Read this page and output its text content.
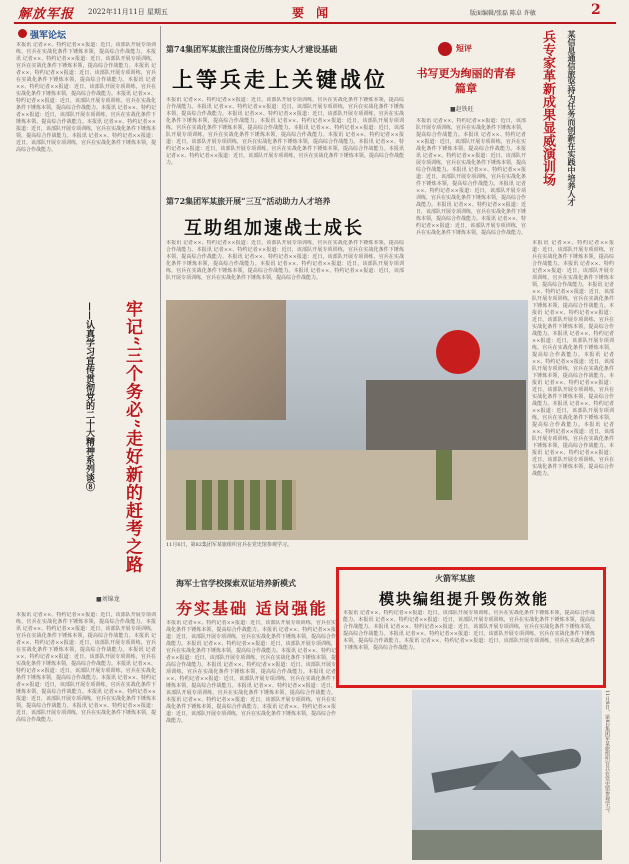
解放军报 2022年11月11日 星期五	要 闻	版面编辑/张磊 陈卓 许敏	2
强军论坛
本报讯 记者××、特约记者××报道：近日，该部队开展专项训练，官兵在实战化条件下锤炼本领，提高综合作战能力。本报讯 记者××、特约记者××报道：近日，该部队开展专项训练，官兵在实战化条件下锤炼本领，提高综合作战能力。本报讯 记者××、特约记者××报道：近日，该部队开展专项训练，官兵在实战化条件下锤炼本领，提高综合作战能力。本报讯 记者××、特约记者××报道：近日，该部队开展专项训练，官兵在实战化条件下锤炼本领，提高综合作战能力。本报讯 记者××、特约记者××报道：近日，该部队开展专项训练，官兵在实战化条件下锤炼本领，提高综合作战能力。本报讯 记者××、特约记者××报道：近日，该部队开展专项训练，官兵在实战化条件下锤炼本领，提高综合作战能力。本报讯 记者××、特约记者××报道：近日，该部队开展专项训练，官兵在实战化条件下锤炼本领，提高综合作战能力。本报讯 记者××、特约记者××报道：近日，该部队开展专项训练，官兵在实战化条件下锤炼本领，提高综合作战能力。
牢记“三个务必”走好新的赶考之路
——认真学习宣传贯彻党的二十大精神系列谈⑧
■刘锦龙
本报讯 记者××、特约记者××报道：近日，该部队开展专项训练，官兵在实战化条件下锤炼本领，提高综合作战能力。本报讯 记者××、特约记者××报道：近日，该部队开展专项训练，官兵在实战化条件下锤炼本领，提高综合作战能力。本报讯 记者××、特约记者××报道：近日，该部队开展专项训练，官兵在实战化条件下锤炼本领，提高综合作战能力。本报讯 记者××、特约记者××报道：近日，该部队开展专项训练，官兵在实战化条件下锤炼本领，提高综合作战能力。本报讯 记者××、特约记者××报道：近日，该部队开展专项训练，官兵在实战化条件下锤炼本领，提高综合作战能力。本报讯 记者××、特约记者××报道：近日，该部队开展专项训练，官兵在实战化条件下锤炼本领，提高综合作战能力。本报讯 记者××、特约记者××报道：近日，该部队开展专项训练，官兵在实战化条件下锤炼本领，提高综合作战能力。本报讯 记者××、特约记者××报道：近日，该部队开展专项训练，官兵在实战化条件下锤炼本领，提高综合作战能力。
第74集团军某旅注重岗位历练夯实人才建设基础
上等兵走上关键战位
本报讯 记者××、特约记者××报道：近日，该部队开展专项训练，官兵在实战化条件下锤炼本领，提高综合作战能力。本报讯 记者××、特约记者××报道：近日，该部队开展专项训练，官兵在实战化条件下锤炼本领，提高综合作战能力。本报讯 记者××、特约记者××报道：近日，该部队开展专项训练，官兵在实战化条件下锤炼本领，提高综合作战能力。本报讯 记者××、特约记者××报道：近日，该部队开展专项训练，官兵在实战化条件下锤炼本领，提高综合作战能力。本报讯 记者××、特约记者××报道：近日，该部队开展专项训练，官兵在实战化条件下锤炼本领，提高综合作战能力。本报讯 记者××、特约记者××报道：近日，该部队开展专项训练，官兵在实战化条件下锤炼本领，提高综合作战能力。本报讯 记者××、特约记者××报道：近日，该部队开展专项训练，官兵在实战化条件下锤炼本领，提高综合作战能力。本报讯 记者××、特约记者××报道：近日，该部队开展专项训练，官兵在实战化条件下锤炼本领，提高综合作战能力。
短评
书写更为绚丽的青春篇章
■赵铁旺
本报讯 记者××、特约记者××报道：近日，该部队开展专项训练，官兵在实战化条件下锤炼本领，提高综合作战能力。本报讯 记者××、特约记者××报道：近日，该部队开展专项训练，官兵在实战化条件下锤炼本领，提高综合作战能力。本报讯 记者××、特约记者××报道：近日，该部队开展专项训练，官兵在实战化条件下锤炼本领，提高综合作战能力。本报讯 记者××、特约记者××报道：近日，该部队开展专项训练，官兵在实战化条件下锤炼本领，提高综合作战能力。本报讯 记者××、特约记者××报道：近日，该部队开展专项训练，官兵在实战化条件下锤炼本领，提高综合作战能力。本报讯 记者××、特约记者××报道：近日，该部队开展专项训练，官兵在实战化条件下锤炼本领，提高综合作战能力。本报讯 记者××、特约记者××报道：近日，该部队开展专项训练，官兵在实战化条件下锤炼本领，提高综合作战能力。
某信息通信旅坚持为任务而创新在实践中培养人才
兵专家革新成果显威演训场
本报讯 记者××、特约记者××报道：近日，该部队开展专项训练，官兵在实战化条件下锤炼本领，提高综合作战能力。本报讯 记者××、特约记者××报道：近日，该部队开展专项训练，官兵在实战化条件下锤炼本领，提高综合作战能力。本报讯 记者××、特约记者××报道：近日，该部队开展专项训练，官兵在实战化条件下锤炼本领，提高综合作战能力。本报讯 记者××、特约记者××报道：近日，该部队开展专项训练，官兵在实战化条件下锤炼本领，提高综合作战能力。本报讯 记者××、特约记者××报道：近日，该部队开展专项训练，官兵在实战化条件下锤炼本领，提高综合作战能力。本报讯 记者××、特约记者××报道：近日，该部队开展专项训练，官兵在实战化条件下锤炼本领，提高综合作战能力。本报讯 记者××、特约记者××报道：近日，该部队开展专项训练，官兵在实战化条件下锤炼本领，提高综合作战能力。本报讯 记者××、特约记者××报道：近日，该部队开展专项训练，官兵在实战化条件下锤炼本领，提高综合作战能力。本报讯 记者××、特约记者××报道：近日，该部队开展专项训练，官兵在实战化条件下锤炼本领，提高综合作战能力。本报讯 记者××、特约记者××报道：近日，该部队开展专项训练，官兵在实战化条件下锤炼本领，提高综合作战能力。
第72集团军某旅开展“三互”活动助力人才培养
互助组加速战士成长
本报讯 记者××、特约记者××报道：近日，该部队开展专项训练，官兵在实战化条件下锤炼本领，提高综合作战能力。本报讯 记者××、特约记者××报道：近日，该部队开展专项训练，官兵在实战化条件下锤炼本领，提高综合作战能力。本报讯 记者××、特约记者××报道：近日，该部队开展专项训练，官兵在实战化条件下锤炼本领，提高综合作战能力。本报讯 记者××、特约记者××报道：近日，该部队开展专项训练，官兵在实战化条件下锤炼本领，提高综合作战能力。本报讯 记者××、特约记者××报道：近日，该部队开展专项训练，官兵在实战化条件下锤炼本领，提高综合作战能力。
11月6日，第82集团军某旅组织官兵在党史馆参观学习。
海军士官学校探索双证培养新模式
夯实基础 适岗强能
本报讯 记者××、特约记者××报道：近日，该部队开展专项训练，官兵在实战化条件下锤炼本领，提高综合作战能力。本报讯 记者××、特约记者××报道：近日，该部队开展专项训练，官兵在实战化条件下锤炼本领，提高综合作战能力。本报讯 记者××、特约记者××报道：近日，该部队开展专项训练，官兵在实战化条件下锤炼本领，提高综合作战能力。本报讯 记者××、特约记者××报道：近日，该部队开展专项训练，官兵在实战化条件下锤炼本领，提高综合作战能力。本报讯 记者××、特约记者××报道：近日，该部队开展专项训练，官兵在实战化条件下锤炼本领，提高综合作战能力。本报讯 记者××、特约记者××报道：近日，该部队开展专项训练，官兵在实战化条件下锤炼本领，提高综合作战能力。本报讯 记者××、特约记者××报道：近日，该部队开展专项训练，官兵在实战化条件下锤炼本领，提高综合作战能力。本报讯 记者××、特约记者××报道：近日，该部队开展专项训练，官兵在实战化条件下锤炼本领，提高综合作战能力。本报讯 记者××、特约记者××报道：近日，该部队开展专项训练，官兵在实战化条件下锤炼本领，提高综合作战能力。
火箭军某旅
模块编组提升毁伤效能
本报讯 记者××、特约记者××报道：近日，该部队开展专项训练，官兵在实战化条件下锤炼本领，提高综合作战能力。本报讯 记者××、特约记者××报道：近日，该部队开展专项训练，官兵在实战化条件下锤炼本领，提高综合作战能力。本报讯 记者××、特约记者××报道：近日，该部队开展专项训练，官兵在实战化条件下锤炼本领，提高综合作战能力。本报讯 记者××、特约记者××报道：近日，该部队开展专项训练，官兵在实战化条件下锤炼本领，提高综合作战能力。本报讯 记者××、特约记者××报道：近日，该部队开展专项训练，官兵在实战化条件下锤炼本领，提高综合作战能力。
11月6日，第82集团军某旅组织官兵在党史馆参观学习。
